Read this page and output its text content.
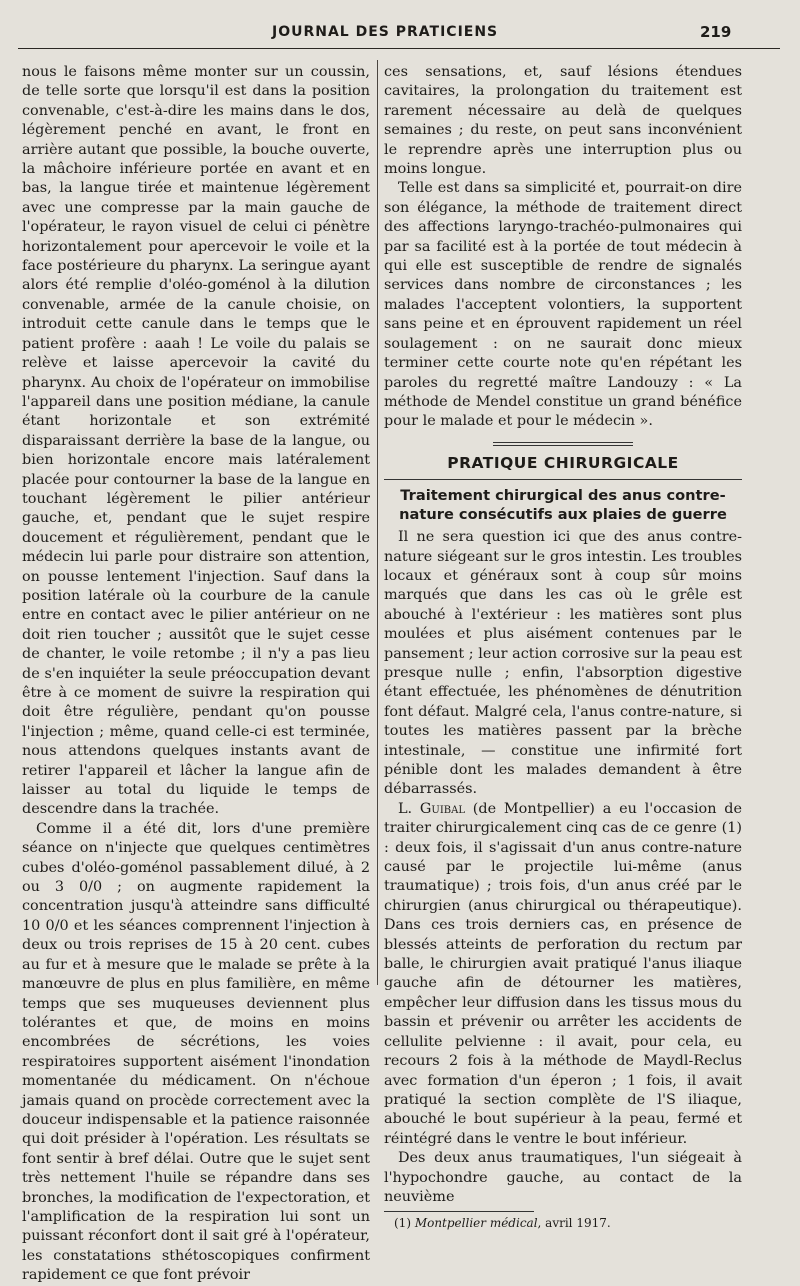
JOURNAL DES PRATICIENS	219

nous le faisons même monter sur un coussin, de telle sorte que lorsqu'il est dans la position convenable, c'est-à-dire les mains dans le dos, légèrement penché en avant, le front en arrière autant que possible, la bouche ouverte, la mâchoire inférieure portée en avant et en bas, la langue tirée et maintenue légèrement avec une compresse par la main gauche de l'opérateur, le rayon visuel de celui ci pénètre horizontalement pour apercevoir le voile et la face postérieure du pharynx. La seringue ayant alors été remplie d'oléo-goménol à la dilution convenable, armée de la canule choisie, on introduit cette canule dans le temps que le patient profère : aaah ! Le voile du palais se relève et laisse apercevoir la cavité du pharynx. Au choix de l'opérateur on immobilise l'appareil dans une position médiane, la canule étant horizontale et son extrémité disparaissant derrière la base de la langue, ou bien horizontale encore mais latéralement placée pour contourner la base de la langue en touchant légèrement le pilier antérieur gauche, et, pendant que le sujet respire doucement et régulièrement, pendant que le médecin lui parle pour distraire son attention, on pousse lentement l'injection. Sauf dans la position latérale où la courbure de la canule entre en contact avec le pilier antérieur on ne doit rien toucher ; aussitôt que le sujet cesse de chanter, le voile retombe ; il n'y a pas lieu de s'en inquiéter la seule préoccupation devant être à ce moment de suivre la respiration qui doit être régulière, pendant qu'on pousse l'injection ; même, quand celle-ci est terminée, nous attendons quelques instants avant de retirer l'appareil et lâcher la langue afin de laisser au total du liquide le temps de descendre dans la trachée.

Comme il a été dit, lors d'une première séance on n'injecte que quelques centimètres cubes d'oléo-goménol passablement dilué, à 2 ou 3 0/0 ; on augmente rapidement la concentration jusqu'à atteindre sans difficulté 10 0/0 et les séances comprennent l'injection à deux ou trois reprises de 15 à 20 cent. cubes au fur et à mesure que le malade se prête à la manœuvre de plus en plus familière, en même temps que ses muqueuses deviennent plus tolérantes et que, de moins en moins encombrées de sécrétions, les voies respiratoires supportent aisément l'inondation momentanée du médicament. On n'échoue jamais quand on procède correctement avec la douceur indispensable et la patience raisonnée qui doit présider à l'opération. Les résultats se font sentir à bref délai. Outre que le sujet sent très nettement l'huile se répandre dans ses bronches, la modification de l'expectoration, et l'amplification de la respiration lui sont un puissant réconfort dont il sait gré à l'opérateur, les constatations sthétoscopiques confirment rapidement ce que font prévoir

ces sensations, et, sauf lésions étendues cavitaires, la prolongation du traitement est rarement nécessaire au delà de quelques semaines ; du reste, on peut sans inconvénient le reprendre après une interruption plus ou moins longue.

Telle est dans sa simplicité et, pourrait-on dire son élégance, la méthode de traitement direct des affections laryngo-trachéo-pulmonaires qui par sa facilité est à la portée de tout médecin à qui elle est susceptible de rendre de signalés services dans nombre de circonstances ; les malades l'acceptent volontiers, la supportent sans peine et en éprouvent rapidement un réel soulagement : on ne saurait donc mieux terminer cette courte note qu'en répétant les paroles du regretté maître Landouzy : « La méthode de Mendel constitue un grand bénéfice pour le malade et pour le médecin ».

PRATIQUE CHIRURGICALE
Traitement chirurgical des anus contre-nature consécutifs aux plaies de guerre

Il ne sera question ici que des anus contre-nature siégeant sur le gros intestin. Les troubles locaux et généraux sont à coup sûr moins marqués que dans les cas où le grêle est abouché à l'extérieur : les matières sont plus moulées et plus aisément contenues par le pansement ; leur action corrosive sur la peau est presque nulle ; enfin, l'absorption digestive étant effectuée, les phénomènes de dénutrition font défaut. Malgré cela, l'anus contre-nature, si toutes les matières passent par la brèche intestinale, — constitue une infirmité fort pénible dont les malades demandent à être débarrassés.

L. Guibal (de Montpellier) a eu l'occasion de traiter chirurgicalement cinq cas de ce genre (1) : deux fois, il s'agissait d'un anus contre-nature causé par le projectile lui-même (anus traumatique) ; trois fois, d'un anus créé par le chirurgien (anus chirurgical ou thérapeutique). Dans ces trois derniers cas, en présence de blessés atteints de perforation du rectum par balle, le chirurgien avait pratiqué l'anus iliaque gauche afin de détourner les matières, empêcher leur diffusion dans les tissus mous du bassin et prévenir ou arrêter les accidents de cellulite pelvienne : il avait, pour cela, eu recours 2 fois à la méthode de Maydl-Reclus avec formation d'un éperon ; 1 fois, il avait pratiqué la section complète de l'S iliaque, abouché le bout supérieur à la peau, fermé et réintégré dans le ventre le bout inférieur.

Des deux anus traumatiques, l'un siégeait à l'hypochondre gauche, au contact de la neuvième

(1) Montpellier médical, avril 1917.
